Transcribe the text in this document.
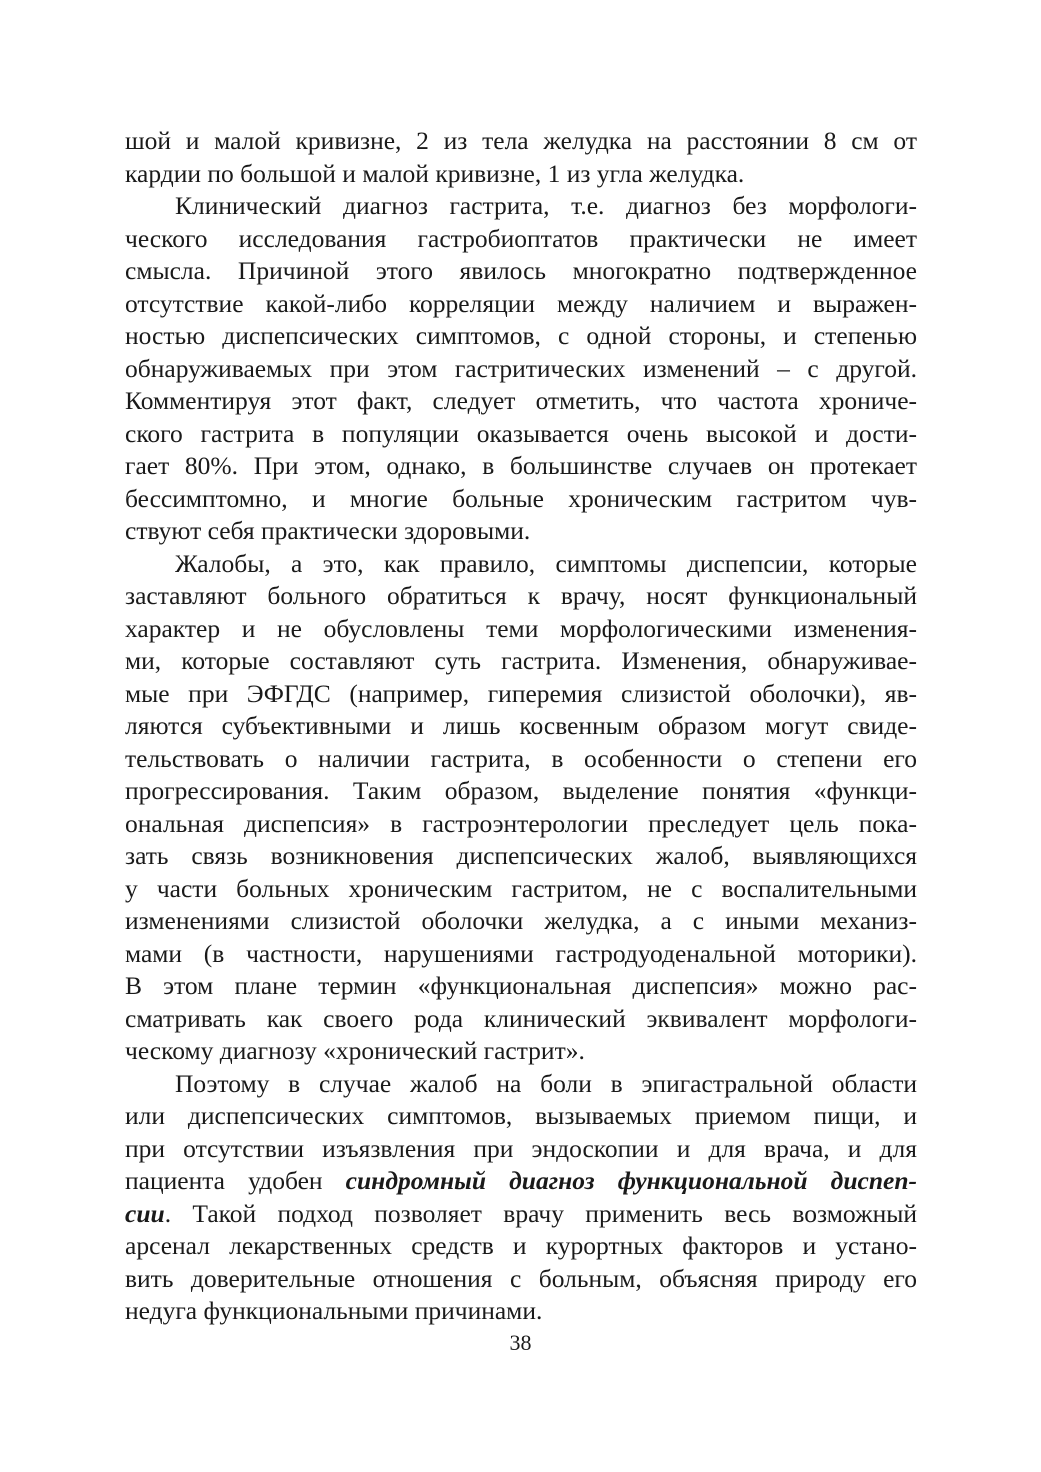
шой и малой кривизне, 2 из тела желудка на расстоянии 8 см от
кардии по большой и малой кривизне, 1 из угла желудка.
Клинический диагноз гастрита, т.е. диагноз без морфологи-
ческого исследования гастробиоптатов практически не имеет
смысла. Причиной этого явилось многократно подтвержденное
отсутствие какой-либо корреляции между наличием и выражен-
ностью диспепсических симптомов, с одной стороны, и степенью
обнаруживаемых при этом гастритических изменений – с другой.
Комментируя этот факт, следует отметить, что частота хрониче-
ского гастрита в популяции оказывается очень высокой и дости-
гает 80%. При этом, однако, в большинстве случаев он протекает
бессимптомно, и многие больные хроническим гастритом чув-
ствуют себя практически здоровыми.
Жалобы, а это, как правило, симптомы диспепсии, которые
заставляют больного обратиться к врачу, носят функциональный
характер и не обусловлены теми морфологическими изменения-
ми, которые составляют суть гастрита. Изменения, обнаруживае-
мые при ЭФГДС (например, гиперемия слизистой оболочки), яв-
ляются субъективными и лишь косвенным образом могут свиде-
тельствовать о наличии гастрита, в особенности о степени его
прогрессирования. Таким образом, выделение понятия «функци-
ональная диспепсия» в гастроэнтерологии преследует цель пока-
зать связь возникновения диспепсических жалоб, выявляющихся
у части больных хроническим гастритом, не с воспалительными
изменениями слизистой оболочки желудка, а с иными механиз-
мами (в частности, нарушениями гастродуоденальной моторики).
В этом плане термин «функциональная диспепсия» можно рас-
сматривать как своего рода клинический эквивалент морфологи-
ческому диагнозу «хронический гастрит».
Поэтому в случае жалоб на боли в эпигастральной области
или диспепсических симптомов, вызываемых приемом пищи, и
при отсутствии изъязвления при эндоскопии и для врача, и для
пациента удобен синдромный диагноз функциональной диспеп-
сии. Такой подход позволяет врачу применить весь возможный
арсенал лекарственных средств и курортных факторов и устано-
вить доверительные отношения с больным, объясняя природу его
недуга функциональными причинами.
38
